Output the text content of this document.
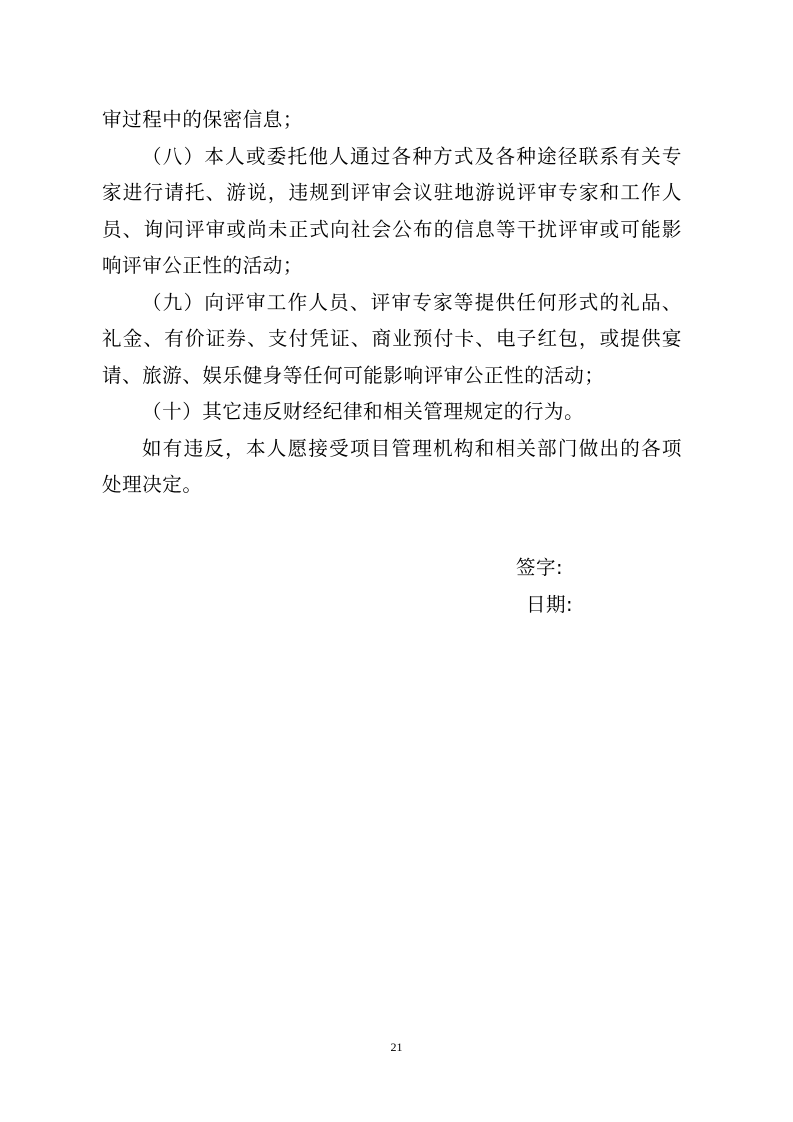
审过程中的保密信息；

（八）本人或委托他人通过各种方式及各种途径联系有关专家进行请托、游说，违规到评审会议驻地游说评审专家和工作人员、询问评审或尚未正式向社会公布的信息等干扰评审或可能影响评审公正性的活动；

（九）向评审工作人员、评审专家等提供任何形式的礼品、礼金、有价证券、支付凭证、商业预付卡、电子红包，或提供宴请、旅游、娱乐健身等任何可能影响评审公正性的活动；

（十）其它违反财经纪律和相关管理规定的行为。

如有违反，本人愿接受项目管理机构和相关部门做出的各项处理决定。

签字:
日期:
21
